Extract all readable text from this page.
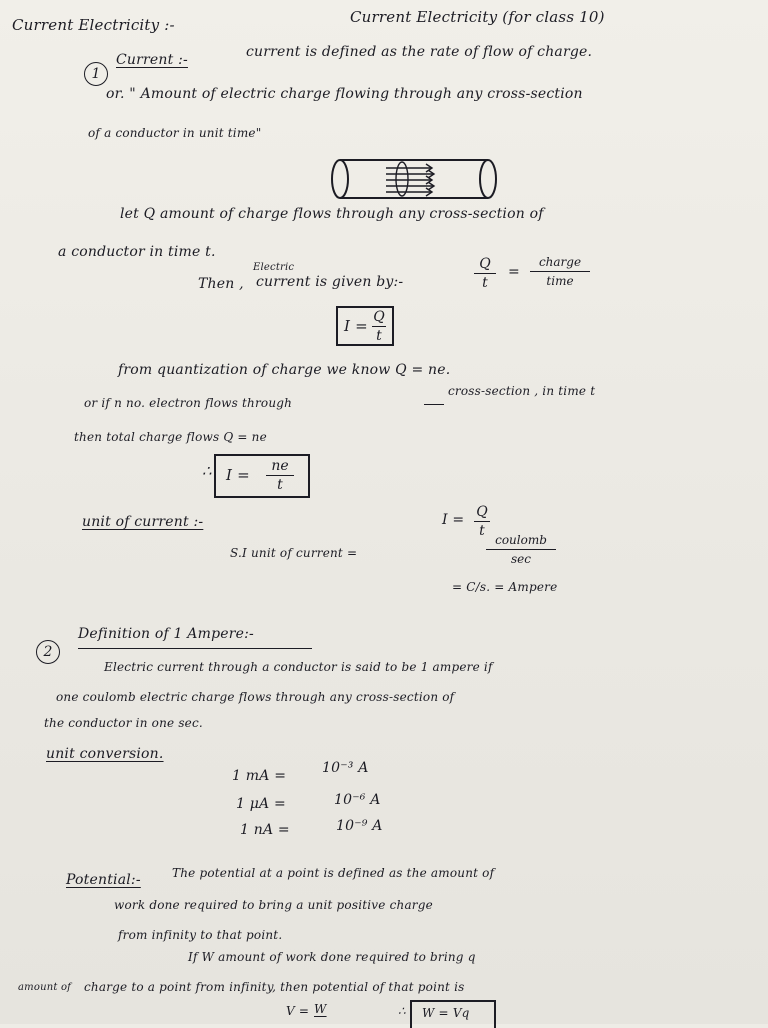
Current Electricity :-	Current Electricity (for class 10)
1
Current :-	current is defined as the rate of flow of charge.
or. " Amount of electric charge flowing through any cross-section
of a conductor in unit time"
let Q amount of charge flows through any cross-section of
a conductor in time t.
Electric
Then , current is given by:-
Q
t
=
charge
time
I = Q
t
from quantization of charge we know Q = ne.
or if n no. electron flows through
cross-section , in time t
then total charge flows Q = ne
∴ I =	ne
t
unit of current :-	I = Q
t
S.I unit of current =
coulomb
sec
= C/s. = Ampere
2
Definition of 1 Ampere:-
Electric current through a conductor is said to be 1 ampere if
one coulomb electric charge flows through any cross-section of
the conductor in one sec.
unit conversion.
1 mA =	10⁻³ A
1 μA =	10⁻⁶ A
1 nA =	10⁻⁹ A
Potential:-	The potential at a point is defined as the amount of
work done required to bring a unit positive charge
from infinity to that point.
If W amount of work done required to bring q
amount of charge to a point from infinity, then potential of that point is
V = W	∴ W = Vq
